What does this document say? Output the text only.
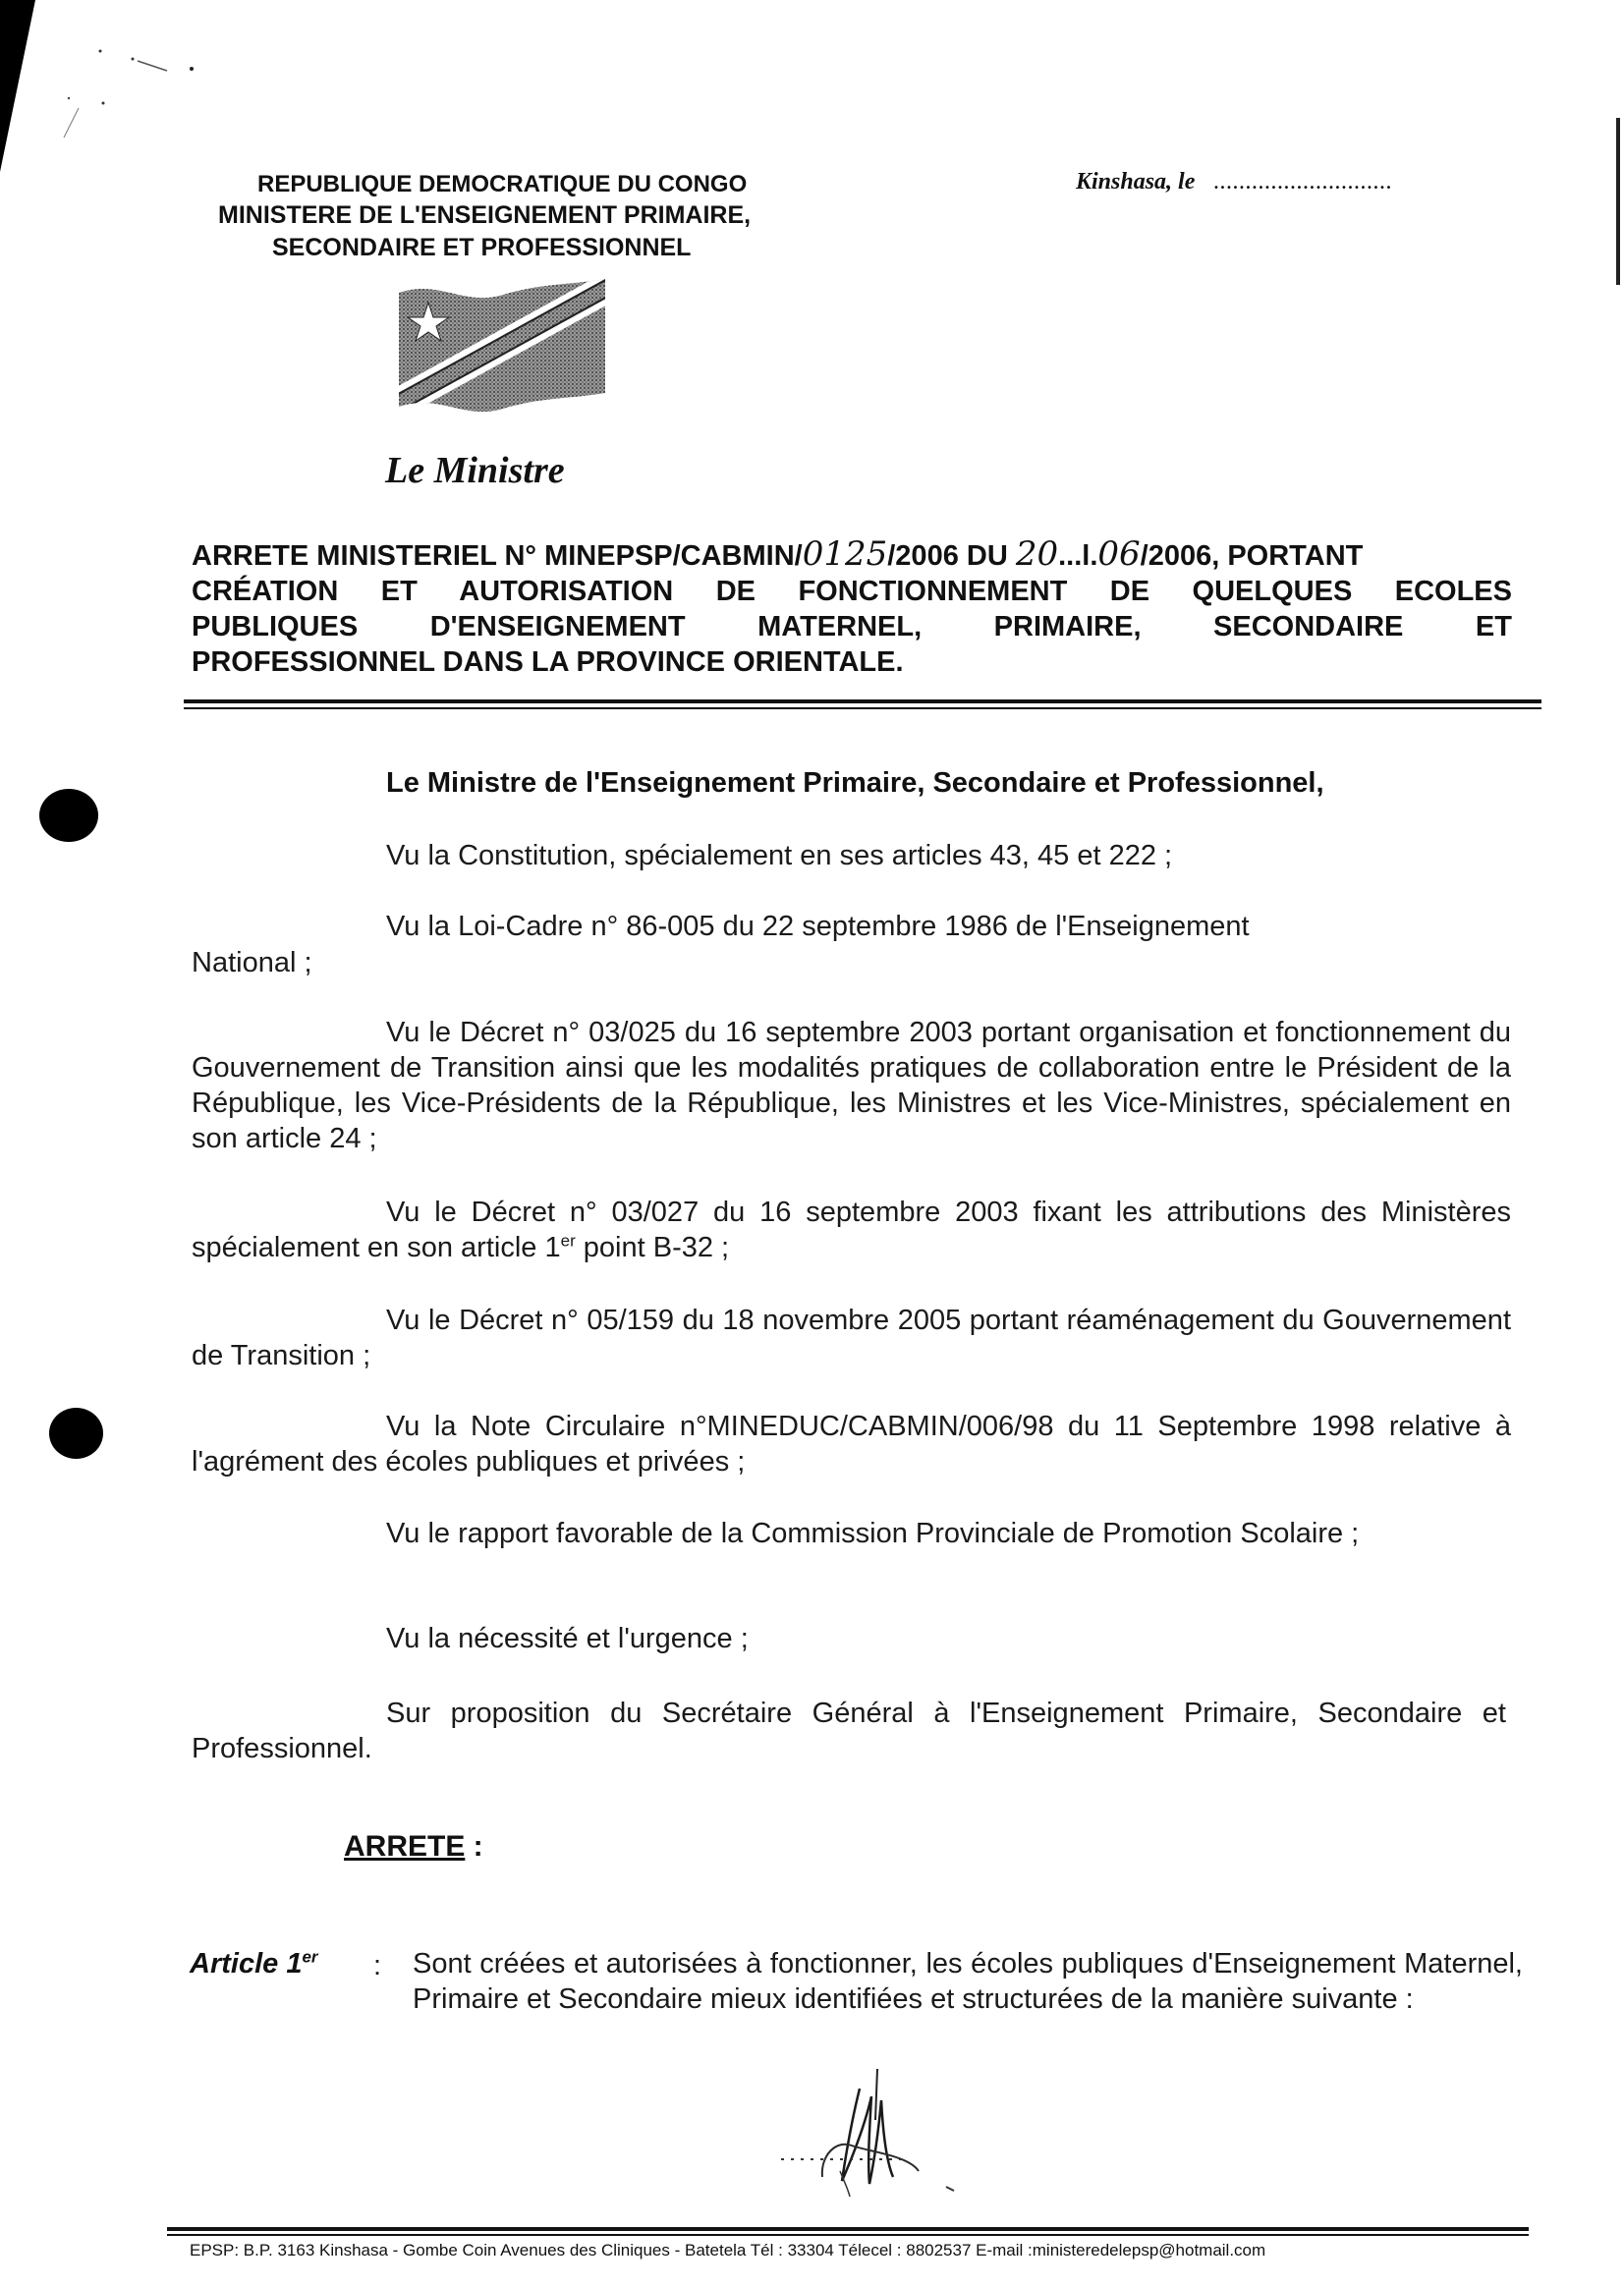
REPUBLIQUE DEMOCRATIQUE DU CONGO
MINISTERE DE L'ENSEIGNEMENT PRIMAIRE,
SECONDAIRE ET PROFESSIONNEL
Kinshasa, le ............................
Le Ministre
ARRETE MINISTERIEL N° MINEPSP/CABMIN/0125/2006 DU 20...l.06/2006, PORTANT
CRÉATION ET AUTORISATION DE FONCTIONNEMENT DE QUELQUES ECOLES
PUBLIQUES D'ENSEIGNEMENT MATERNEL, PRIMAIRE, SECONDAIRE ET
PROFESSIONNEL DANS LA PROVINCE ORIENTALE.
Le Ministre de l'Enseignement Primaire, Secondaire et Professionnel,
Vu la Constitution, spécialement en ses articles 43, 45 et 222 ;
Vu la Loi-Cadre n° 86-005 du 22 septembre 1986 de l'Enseignement
National ;
Vu le Décret n° 03/025 du 16 septembre 2003 portant organisation et fonctionnement du Gouvernement de Transition ainsi que les modalités pratiques de collaboration entre le Président de la République, les Vice-Présidents de la République, les Ministres et les Vice-Ministres, spécialement en son article 24 ;
Vu le Décret n° 03/027 du 16 septembre 2003 fixant les attributions des Ministères spécialement en son article 1er point B-32 ;
Vu le Décret n° 05/159 du 18 novembre 2005 portant réaménagement du Gouvernement de Transition ;
Vu la Note Circulaire n°MINEDUC/CABMIN/006/98 du 11 Septembre 1998 relative à l'agrément des écoles publiques et privées ;
Vu le rapport favorable de la Commission Provinciale de Promotion Scolaire ;
Vu la nécessité et l'urgence ;
Sur proposition du Secrétaire Général à l'Enseignement Primaire, Secondaire et Professionnel.
ARRETE :
Article 1er : Sont créées et autorisées à fonctionner, les écoles publiques d'Enseignement Maternel, Primaire et Secondaire mieux identifiées et structurées de la manière suivante :
EPSP: B.P. 3163 Kinshasa - Gombe Coin Avenues des Cliniques - Batetela Tél : 33304 Télecel : 8802537 E-mail :ministeredelepsp@hotmail.com
